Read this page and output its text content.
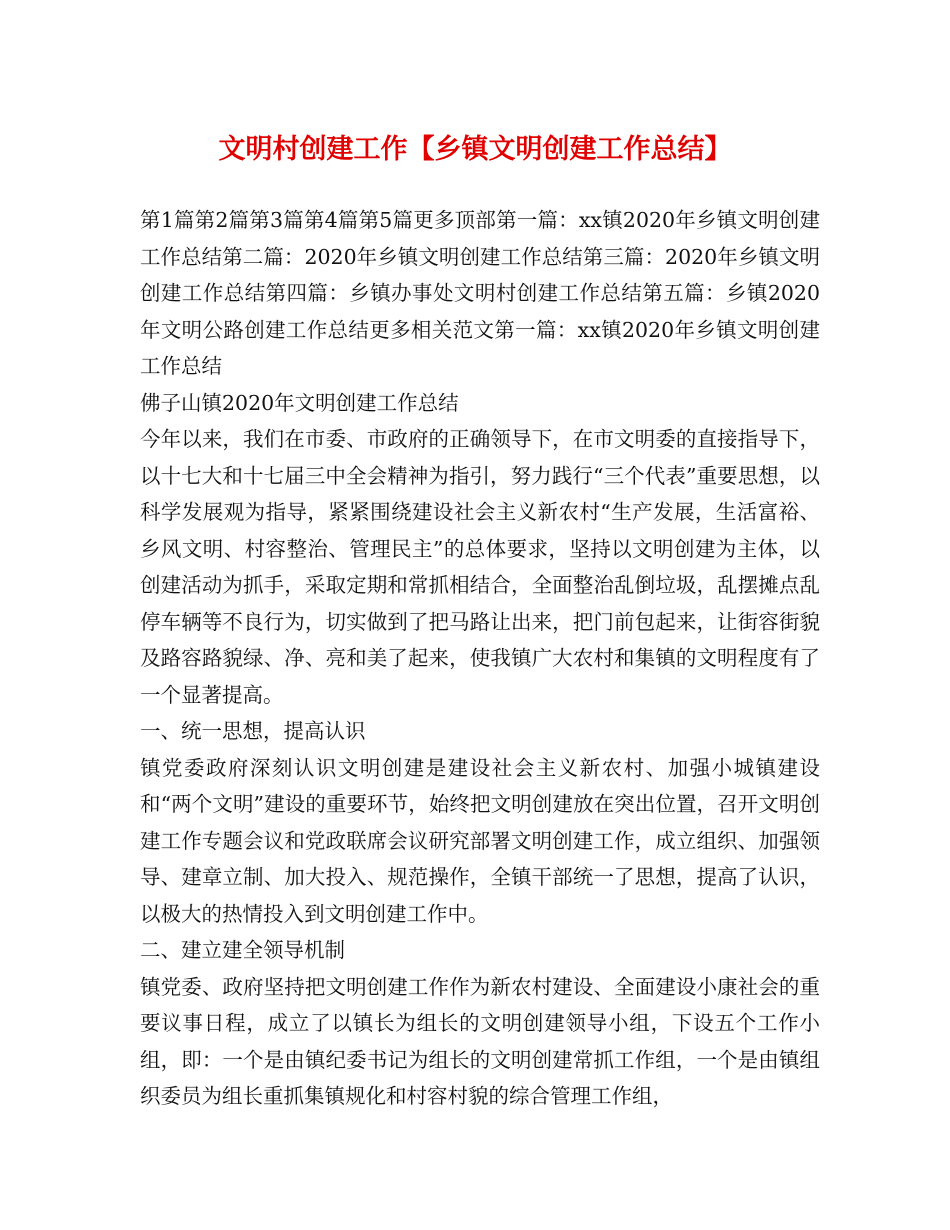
文明村创建工作【乡镇文明创建工作总结】

第1篇第2篇第3篇第4篇第5篇更多顶部第一篇：xx镇2020年乡镇文明创建工作总结第二篇：2020年乡镇文明创建工作总结第三篇：2020年乡镇文明创建工作总结第四篇：乡镇办事处文明村创建工作总结第五篇：乡镇2020年文明公路创建工作总结更多相关范文第一篇：xx镇2020年乡镇文明创建工作总结

佛子山镇2020年文明创建工作总结

今年以来，我们在市委、市政府的正确领导下，在市文明委的直接指导下，以十七大和十七届三中全会精神为指引，努力践行“三个代表”重要思想，以科学发展观为指导，紧紧围绕建设社会主义新农村“生产发展，生活富裕、乡风文明、村容整治、管理民主”的总体要求，坚持以文明创建为主体，以创建活动为抓手，采取定期和常抓相结合，全面整治乱倒垃圾，乱摆摊点乱停车辆等不良行为，切实做到了把马路让出来，把门前包起来，让街容街貌及路容路貌绿、净、亮和美了起来，使我镇广大农村和集镇的文明程度有了一个显著提高。

一、统一思想，提高认识

镇党委政府深刻认识文明创建是建设社会主义新农村、加强小城镇建设和“两个文明”建设的重要环节，始终把文明创建放在突出位置，召开文明创建工作专题会议和党政联席会议研究部署文明创建工作，成立组织、加强领导、建章立制、加大投入、规范操作，全镇干部统一了思想，提高了认识，以极大的热情投入到文明创建工作中。

二、建立建全领导机制

镇党委、政府坚持把文明创建工作作为新农村建设、全面建设小康社会的重要议事日程，成立了以镇长为组长的文明创建领导小组，下设五个工作小组，即：一个是由镇纪委书记为组长的文明创建常抓工作组，一个是由镇组织委员为组长重抓集镇规化和村容村貌的综合管理工作组，
